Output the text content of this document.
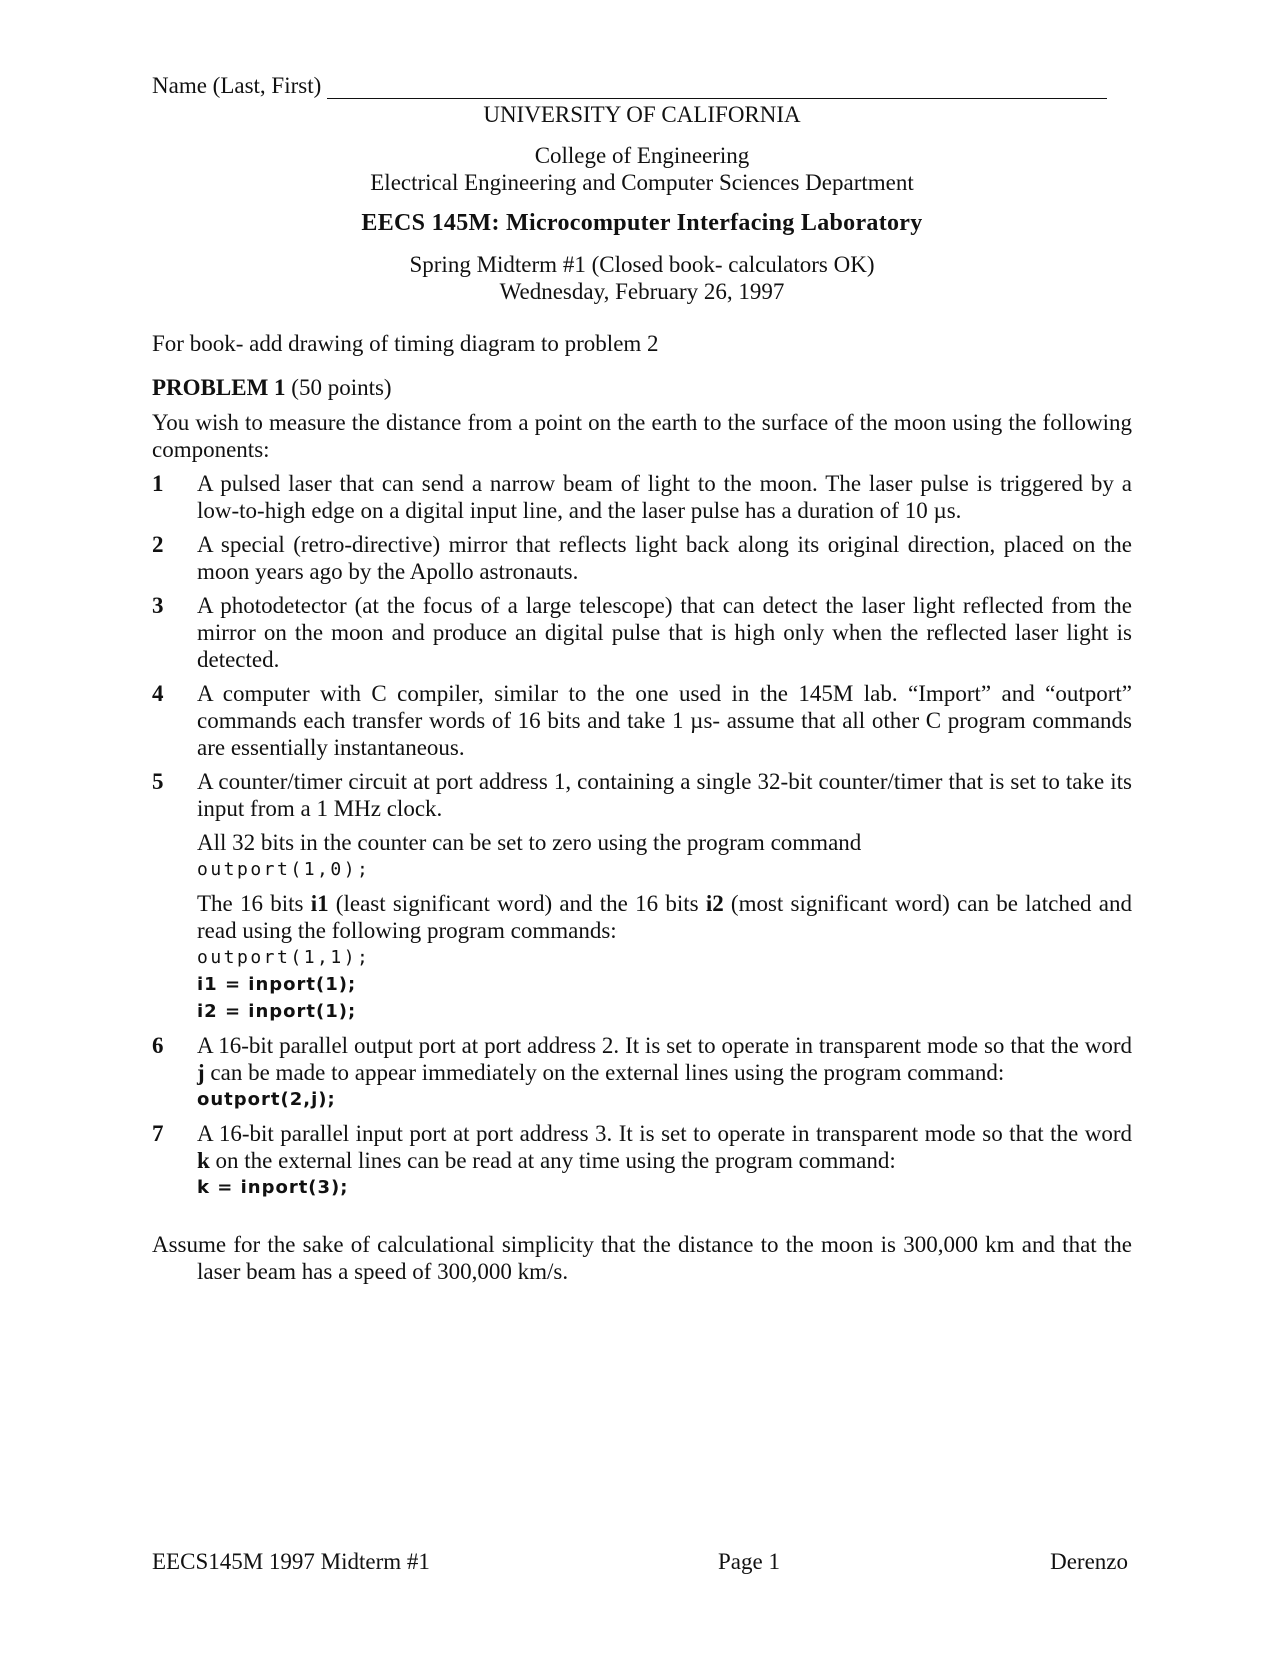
Name (Last, First)
UNIVERSITY OF CALIFORNIA
College of Engineering
Electrical Engineering and Computer Sciences Department
EECS 145M: Microcomputer Interfacing Laboratory
Spring Midterm #1 (Closed book- calculators OK)
Wednesday, February 26, 1997
For book- add drawing of timing diagram to problem 2
PROBLEM 1 (50 points)
You wish to measure the distance from a point on the earth to the surface of the moon using the following components:
1 A pulsed laser that can send a narrow beam of light to the moon. The laser pulse is triggered by a low-to-high edge on a digital input line, and the laser pulse has a duration of 10 µs.
2 A special (retro-directive) mirror that reflects light back along its original direction, placed on the moon years ago by the Apollo astronauts.
3 A photodetector (at the focus of a large telescope) that can detect the laser light reflected from the mirror on the moon and produce an digital pulse that is high only when the reflected laser light is detected.
4 A computer with C compiler, similar to the one used in the 145M lab. “Import” and “outport” commands each transfer words of 16 bits and take 1 µs- assume that all other C program commands are essentially instantaneous.
5 A counter/timer circuit at port address 1, containing a single 32-bit counter/timer that is set to take its input from a 1 MHz clock.
All 32 bits in the counter can be set to zero using the program command
outport(1,0);
The 16 bits i1 (least significant word) and the 16 bits i2 (most significant word) can be latched and read using the following program commands:
outport(1,1);
i1 = inport(1);
i2 = inport(1);
6 A 16-bit parallel output port at port address 2. It is set to operate in transparent mode so that the word j can be made to appear immediately on the external lines using the program command:
outport(2,j);
7 A 16-bit parallel input port at port address 3. It is set to operate in transparent mode so that the word k on the external lines can be read at any time using the program command:
k = inport(3);
Assume for the sake of calculational simplicity that the distance to the moon is 300,000 km and that the laser beam has a speed of 300,000 km/s.
EECS145M 1997 Midterm #1	Page 1	Derenzo
